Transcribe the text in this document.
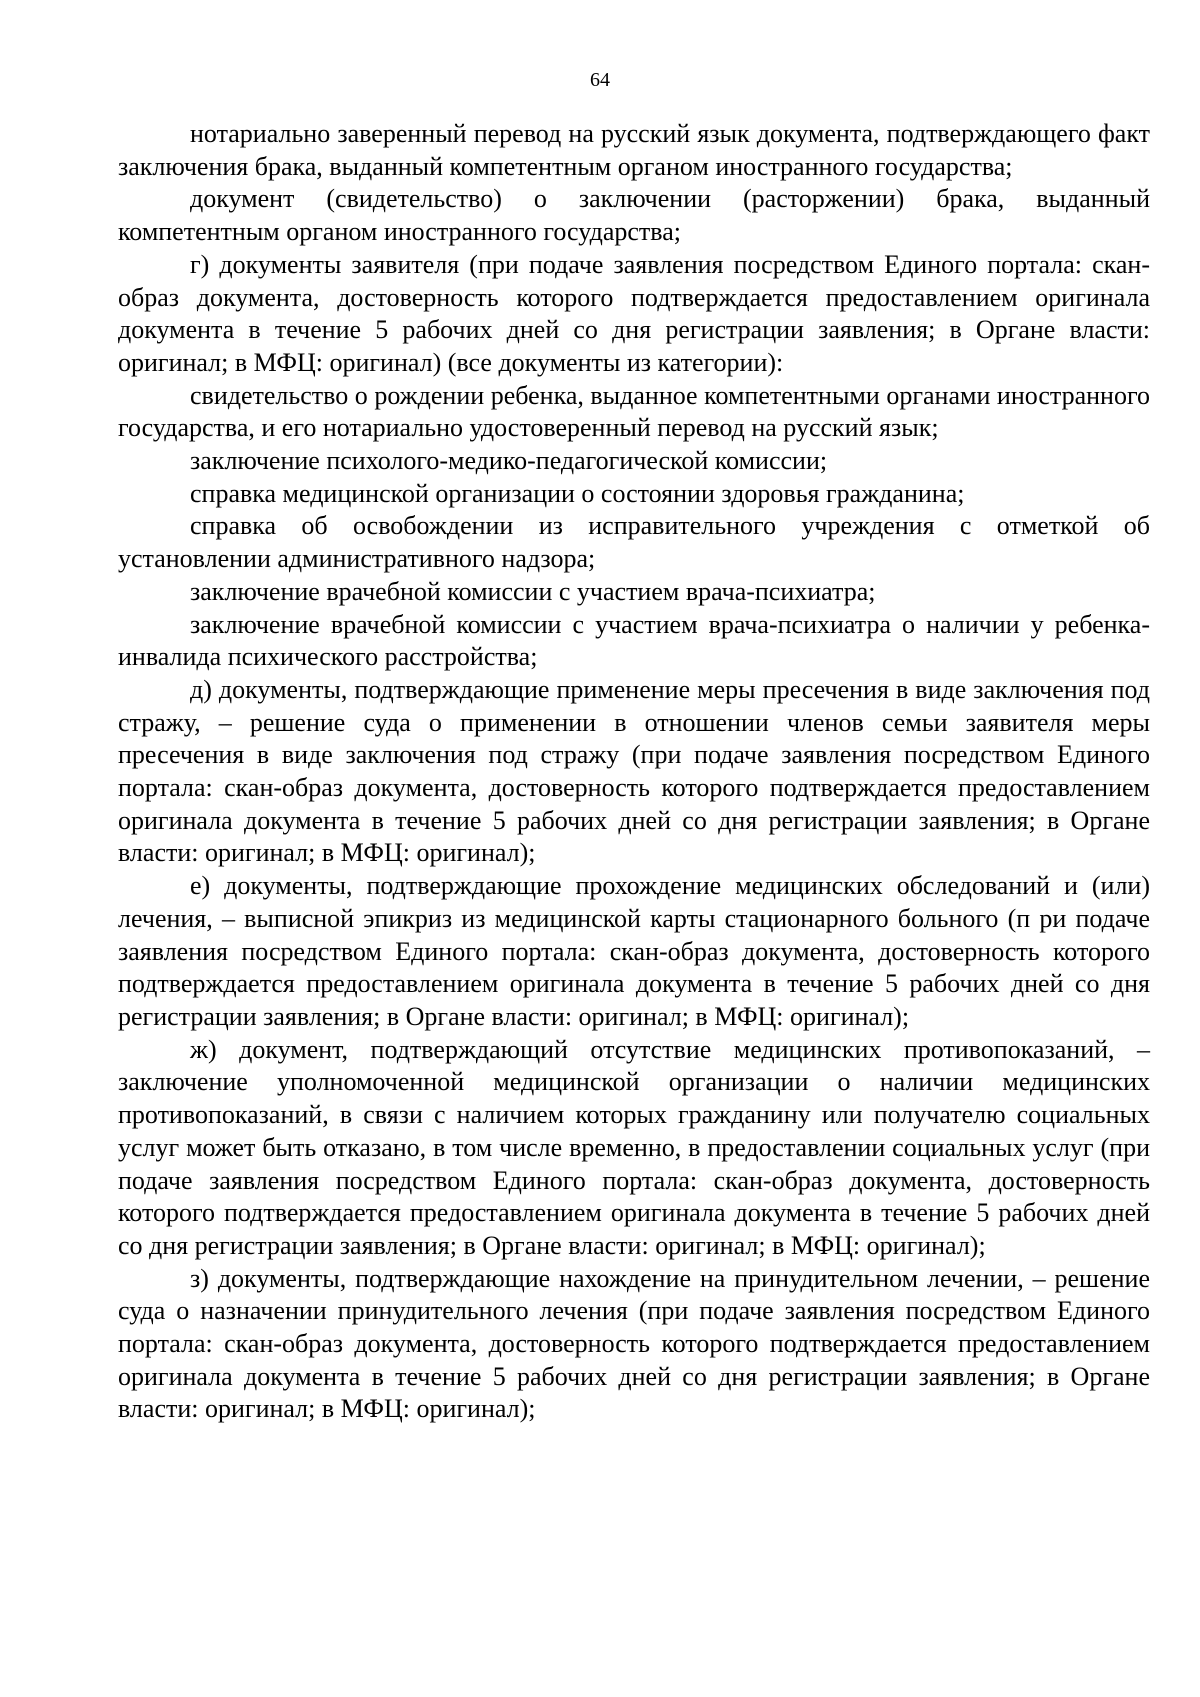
64

нотариально заверенный перевод на русский язык документа, подтверждающего факт заключения брака, выданный компетентным органом иностранного государства;

документ (свидетельство) о заключении (расторжении) брака, выданный компетентным органом иностранного государства;

г) документы заявителя (при подаче заявления посредством Единого портала: скан-образ документа, достоверность которого подтверждается предоставлением оригинала документа в течение 5 рабочих дней со дня регистрации заявления; в Органе власти: оригинал; в МФЦ: оригинал) (все документы из категории):

свидетельство о рождении ребенка, выданное компетентными органами иностранного государства, и его нотариально удостоверенный перевод на русский язык;

заключение психолого-медико-педагогической комиссии;

справка медицинской организации о состоянии здоровья гражданина;

справка об освобождении из исправительного учреждения с отметкой об установлении административного надзора;

заключение врачебной комиссии с участием врача-психиатра;

заключение врачебной комиссии с участием врача-психиатра о наличии у ребенка-инвалида психического расстройства;

д) документы, подтверждающие применение меры пресечения в виде заключения под стражу, – решение суда о применении в отношении членов семьи заявителя меры пресечения в виде заключения под стражу (при подаче заявления посредством Единого портала: скан-образ документа, достоверность которого подтверждается предоставлением оригинала документа в течение 5 рабочих дней со дня регистрации заявления; в Органе власти: оригинал; в МФЦ: оригинал);

е) документы, подтверждающие прохождение медицинских обследований и (или) лечения, – выписной эпикриз из медицинской карты стационарного больного (п ри подаче заявления посредством Единого портала: скан-образ документа, достоверность которого подтверждается предоставлением оригинала документа в течение 5 рабочих дней со дня регистрации заявления; в Органе власти: оригинал; в МФЦ: оригинал);

ж) документ, подтверждающий отсутствие медицинских противопоказаний, – заключение уполномоченной медицинской организации о наличии медицинских противопоказаний, в связи с наличием которых гражданину или получателю социальных услуг может быть отказано, в том числе временно, в предоставлении социальных услуг (при подаче заявления посредством Единого портала: скан-образ документа, достоверность которого подтверждается предоставлением оригинала документа в течение 5 рабочих дней со дня регистрации заявления; в Органе власти: оригинал; в МФЦ: оригинал);

з) документы, подтверждающие нахождение на принудительном лечении, – решение суда о назначении принудительного лечения (при подаче заявления посредством Единого портала: скан-образ документа, достоверность которого подтверждается предоставлением оригинала документа в течение 5 рабочих дней со дня регистрации заявления; в Органе власти: оригинал; в МФЦ: оригинал);
